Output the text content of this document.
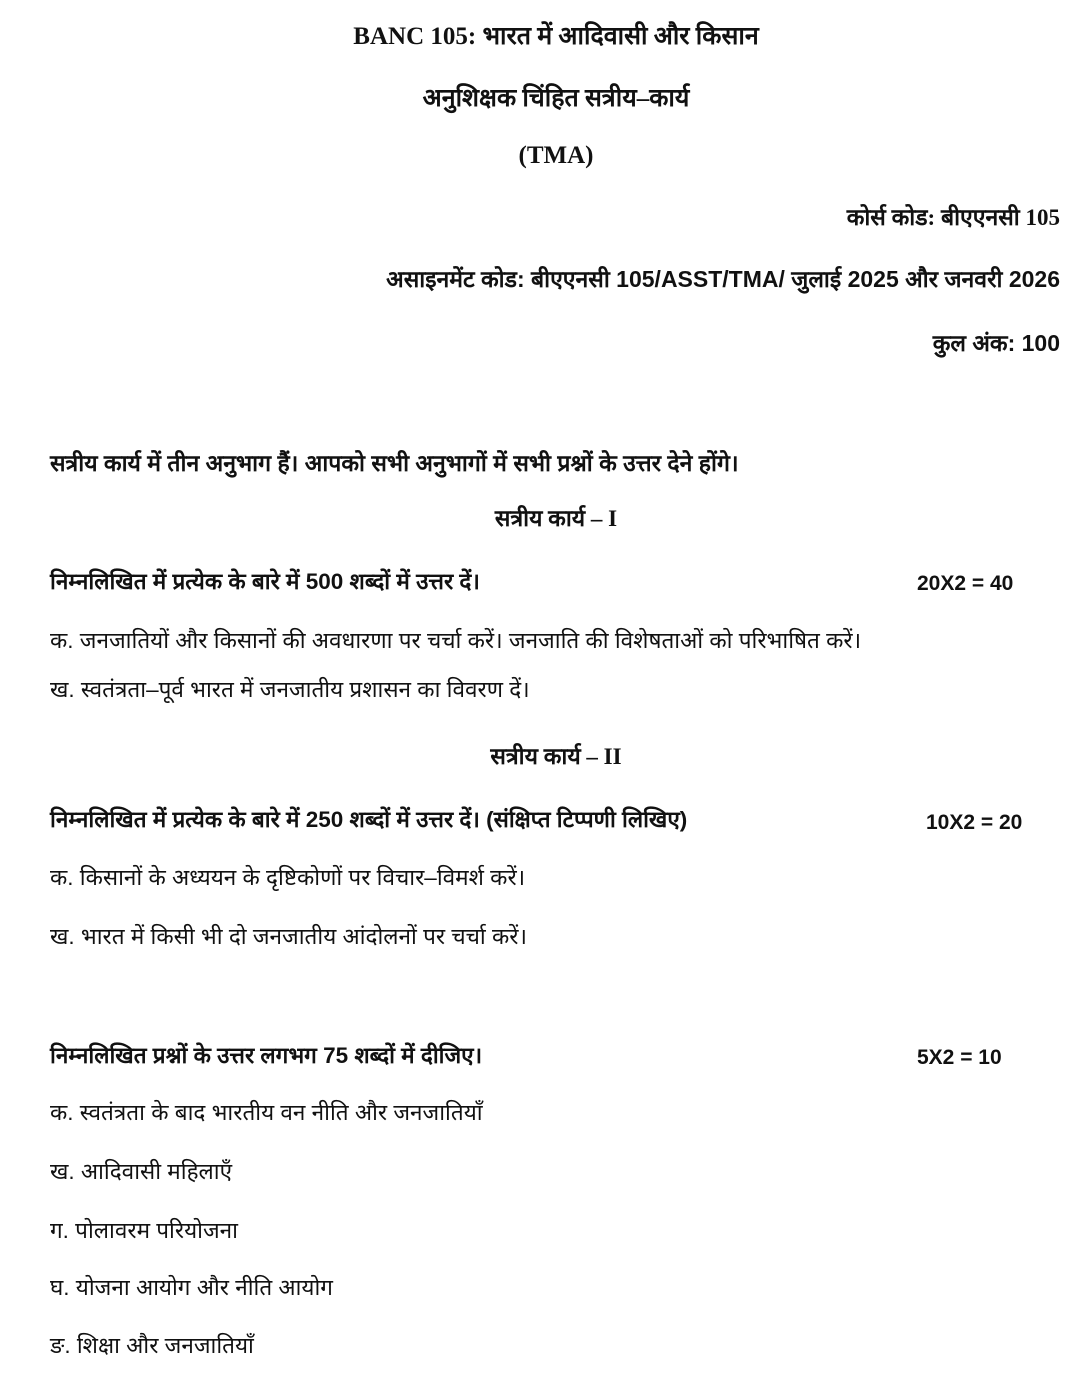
BANC 105: भारत में आदिवासी और किसान
अनुशिक्षक चिंहित सत्रीय–कार्य
(TMA)
कोर्स कोड: बीएएनसी 105
असाइनमेंट कोड: बीएएनसी 105/ASST/TMA/ जुलाई 2025 और जनवरी 2026
कुल अंक: 100
सत्रीय कार्य में तीन अनुभाग हैं। आपको सभी अनुभागों में सभी प्रश्नों के उत्तर देने होंगे।
सत्रीय कार्य – I
निम्नलिखित में प्रत्येक के बारे में 500 शब्दों में उत्तर दें।	20X2 = 40
क. जनजातियों और किसानों की अवधारणा पर चर्चा करें। जनजाति की विशेषताओं को परिभाषित करें।
ख. स्वतंत्रता–पूर्व भारत में जनजातीय प्रशासन का विवरण दें।
सत्रीय कार्य – II
निम्नलिखित में प्रत्येक के बारे में 250 शब्दों में उत्तर दें। (संक्षिप्त टिप्पणी लिखिए)	10X2 = 20
क. किसानों के अध्ययन के दृष्टिकोणों पर विचार–विमर्श करें।
ख. भारत में किसी भी दो जनजातीय आंदोलनों पर चर्चा करें।
निम्नलिखित प्रश्नों के उत्तर लगभग 75 शब्दों में दीजिए।	5X2 = 10
क. स्वतंत्रता के बाद भारतीय वन नीति और जनजातियाँ
ख. आदिवासी महिलाएँ
ग. पोलावरम परियोजना
घ. योजना आयोग और नीति आयोग
ङ. शिक्षा और जनजातियाँ
